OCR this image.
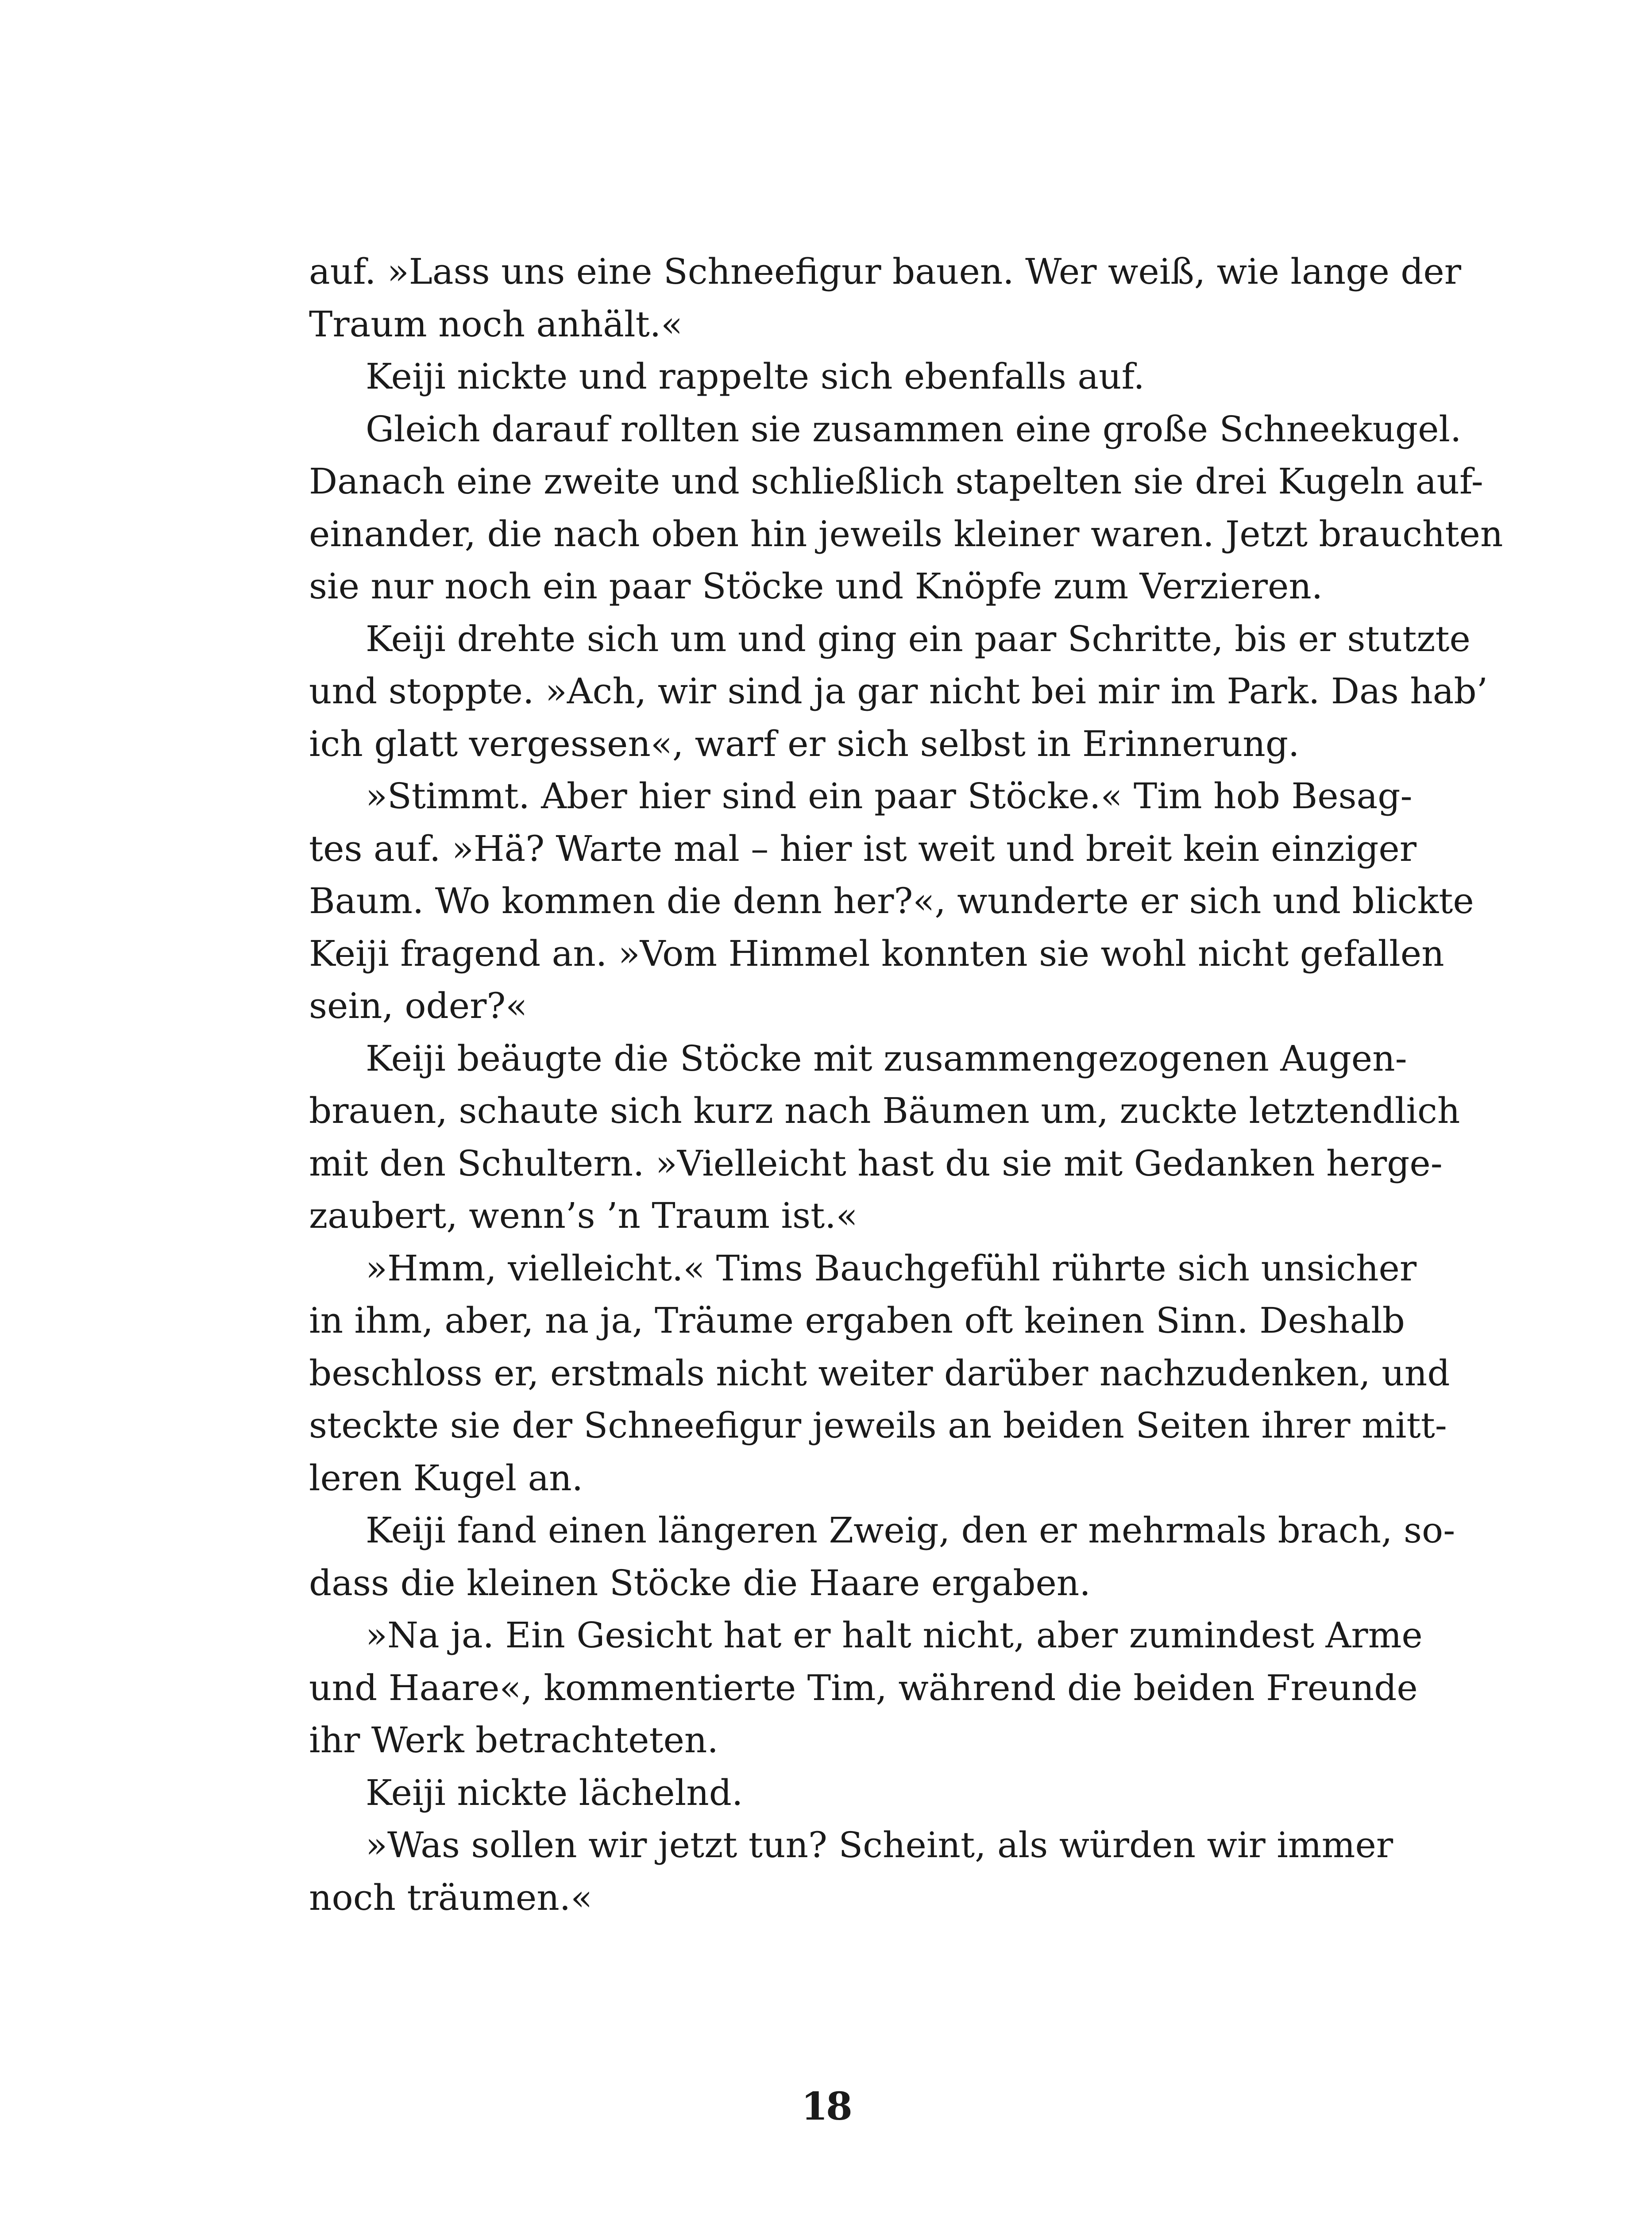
auf. »Lass uns eine Schneefigur bauen. Wer weiß, wie lange der
Traum noch anhält.«
Keiji nickte und rappelte sich ebenfalls auf.
Gleich darauf rollten sie zusammen eine große Schneekugel.
Danach eine zweite und schließlich stapelten sie drei Kugeln auf-
einander, die nach oben hin jeweils kleiner waren. Jetzt brauchten
sie nur noch ein paar Stöcke und Knöpfe zum Verzieren.
Keiji drehte sich um und ging ein paar Schritte, bis er stutzte
und stoppte. »Ach, wir sind ja gar nicht bei mir im Park. Das hab’
ich glatt vergessen«, warf er sich selbst in Erinnerung.
»Stimmt. Aber hier sind ein paar Stöcke.« Tim hob Besag-
tes auf. »Hä? Warte mal – hier ist weit und breit kein einziger
Baum. Wo kommen die denn her?«, wunderte er sich und blickte
Keiji fragend an. »Vom Himmel konnten sie wohl nicht gefallen
sein, oder?«
Keiji beäugte die Stöcke mit zusammengezogenen Augen-
brauen, schaute sich kurz nach Bäumen um, zuckte letztendlich
mit den Schultern. »Vielleicht hast du sie mit Gedanken herge-
zaubert, wenn’s ’n Traum ist.«
»Hmm, vielleicht.« Tims Bauchgefühl rührte sich unsicher
in ihm, aber, na ja, Träume ergaben oft keinen Sinn. Deshalb
beschloss er, erstmals nicht weiter darüber nachzudenken, und
steckte sie der Schneefigur jeweils an beiden Seiten ihrer mitt-
leren Kugel an.
Keiji fand einen längeren Zweig, den er mehrmals brach, so-
dass die kleinen Stöcke die Haare ergaben.
»Na ja. Ein Gesicht hat er halt nicht, aber zumindest Arme
und Haare«, kommentierte Tim, während die beiden Freunde
ihr Werk betrachteten.
Keiji nickte lächelnd.
»Was sollen wir jetzt tun? Scheint, als würden wir immer
noch träumen.«
18
